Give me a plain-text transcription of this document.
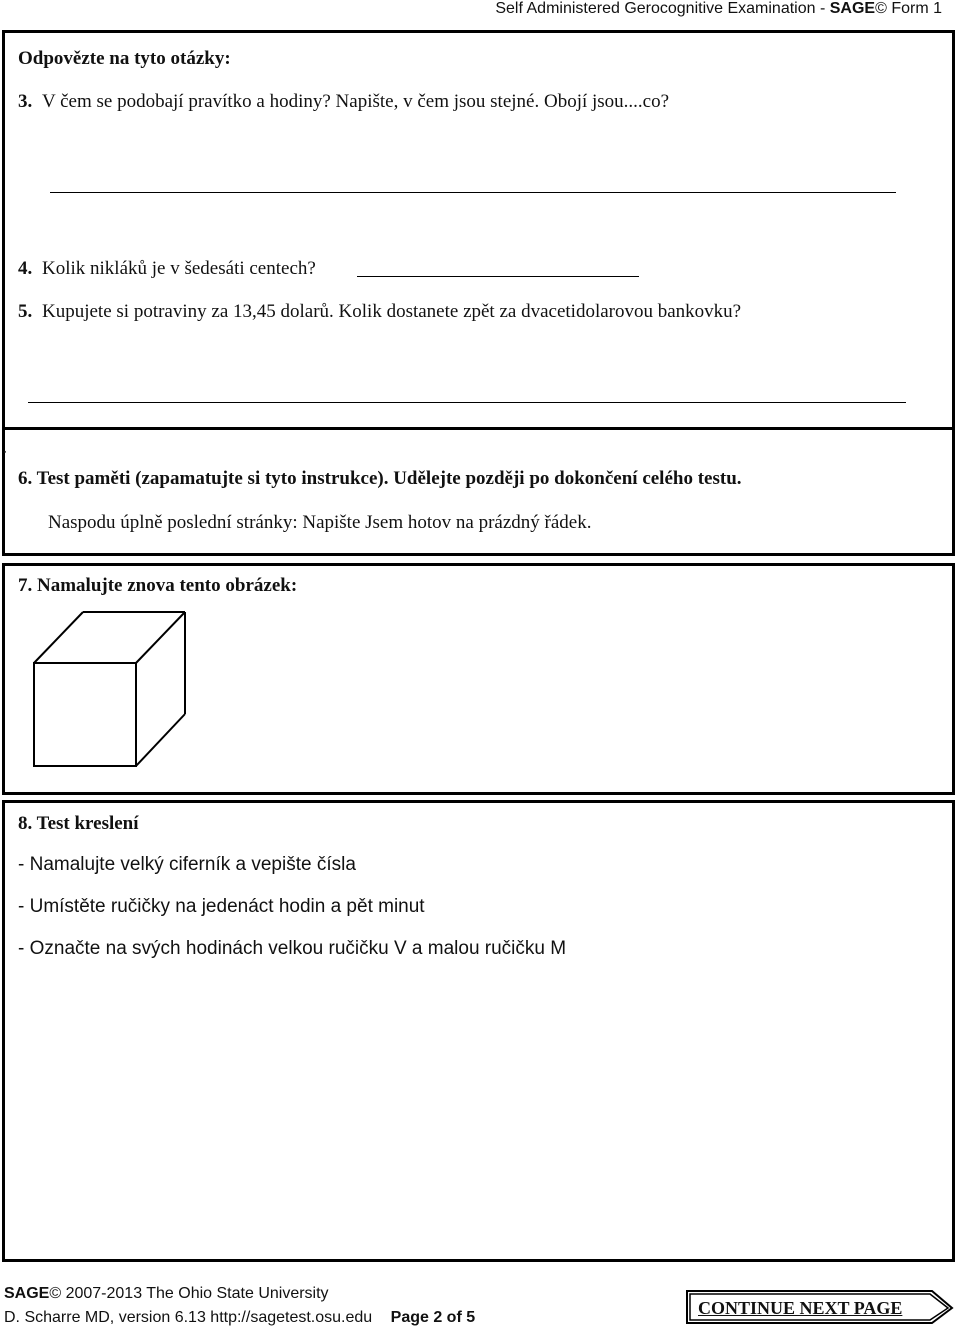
Self Administered Gerocognitive Examination - SAGE© Form 1
Odpovězte na tyto otázky:
3. V čem se podobají pravítko a hodiny? Napište, v čem jsou stejné. Obojí jsou....co?
4. Kolik nikláků je v šedesáti centech?
5. Kupujete si potraviny za 13,45 dolarů. Kolik dostanete zpět za dvacetidolarovou bankovku?
.
6. Test paměti (zapamatujte si tyto instrukce). Udělejte později po dokončení celého testu.
Naspodu úplně poslední stránky: Napište Jsem hotov na prázdný řádek.
7. Namalujte znova tento obrázek:
8. Test kreslení
- Namalujte velký ciferník a vepište čísla
- Umístěte ručičky na jedenáct hodin a pět minut
- Označte na svých hodinách velkou ručičku V a malou ručičku M
SAGE© 2007-2013 The Ohio State University
D. Scharre MD, version 6.13 http://sagetest.osu.edu Page 2 of 5	CONTINUE NEXT PAGE
